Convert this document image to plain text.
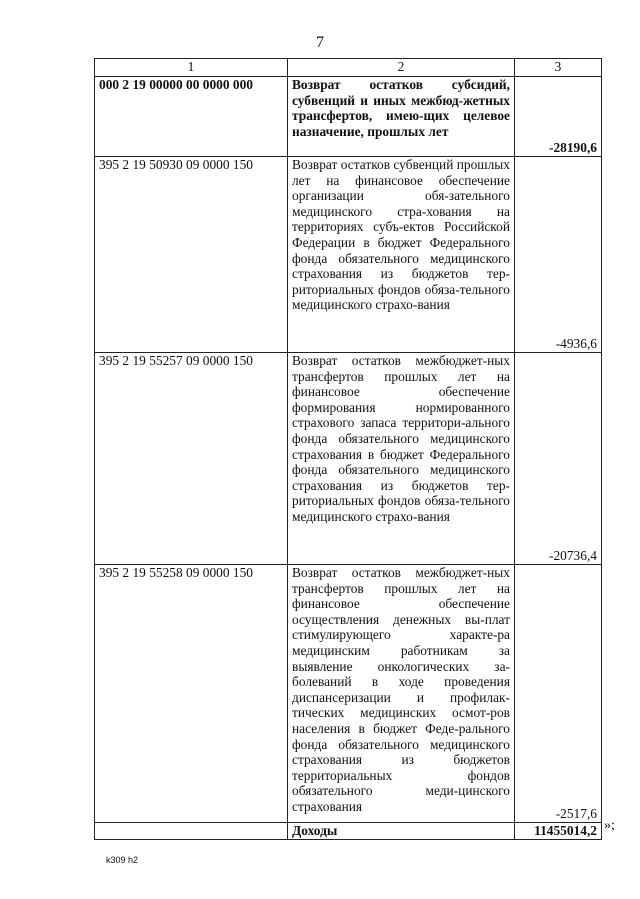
7
1	2	3
000 2 19 00000 00 0000 000	Возврат остатков субсидий, субвенций и иных межбюд-жетных трансфертов, имею-щих целевое назначение, прошлых лет	-28190,6
395 2 19 50930 09 0000 150	Возврат остатков субвенций прошлых лет на финансовое обеспечение организации обя-зательного медицинского стра-хования на территориях субъ-ектов Российской Федерации в бюджет Федерального фонда обязательного медицинского страхования из бюджетов тер-риториальных фондов обяза-тельного медицинского страхо-вания	-4936,6
395 2 19 55257 09 0000 150	Возврат остатков межбюджет-ных трансфертов прошлых лет на финансовое обеспечение формирования нормированного страхового запаса территори-ального фонда обязательного медицинского страхования в бюджет Федерального фонда обязательного медицинского страхования из бюджетов тер-риториальных фондов обяза-тельного медицинского страхо-вания	-20736,4
395 2 19 55258 09 0000 150	Возврат остатков межбюджет-ных трансфертов прошлых лет на финансовое обеспечение осуществления денежных вы-плат стимулирующего характе-ра медицинским работникам за выявление онкологических за-болеваний в ходе проведения диспансеризации и профилак-тических медицинских осмот-ров населения в бюджет Феде-рального фонда обязательного медицинского страхования из бюджетов территориальных фондов обязательного меди-цинского страхования	-2517,6
	Доходы	11455014,2 »;
k309 h2
